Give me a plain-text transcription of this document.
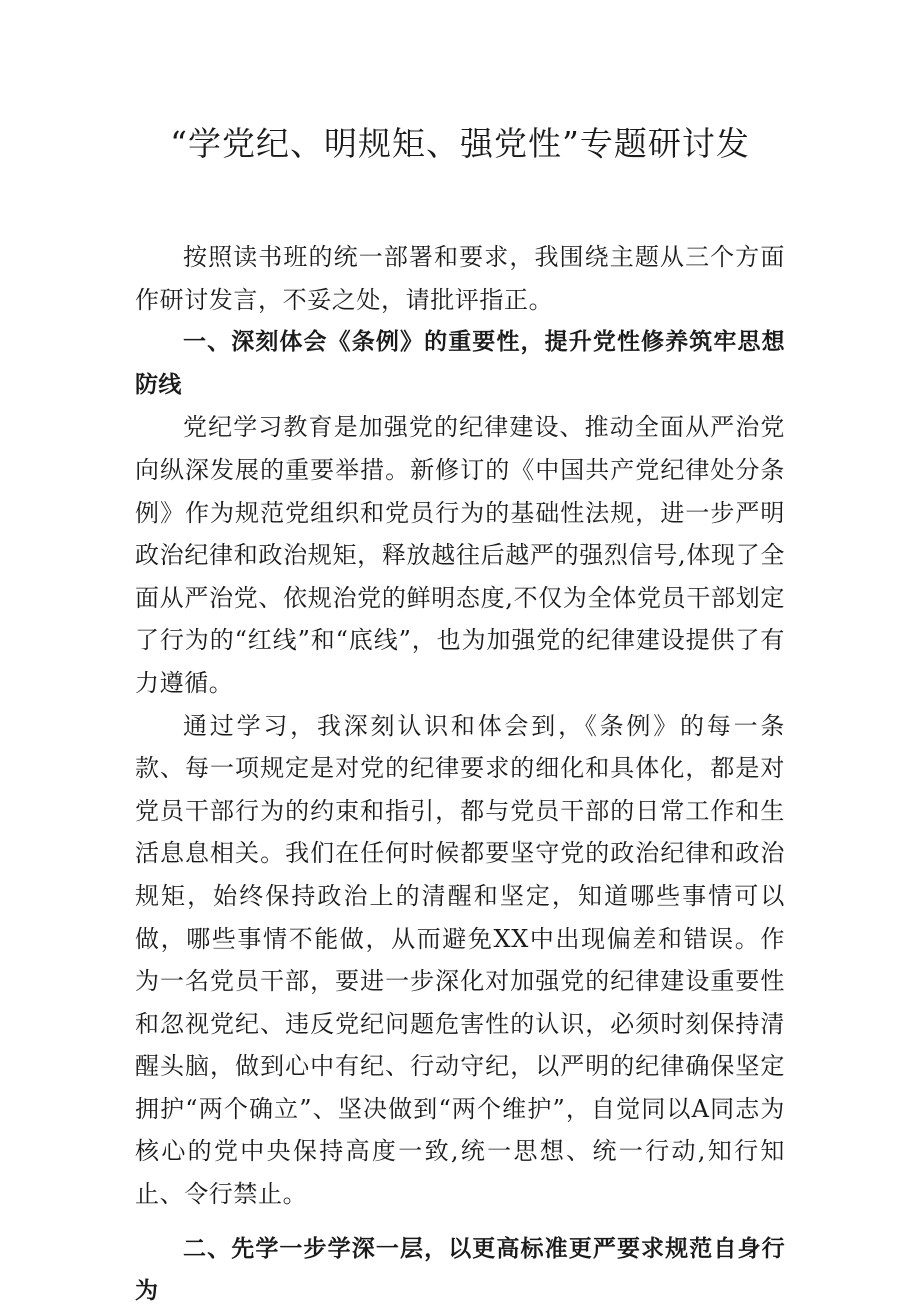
“学党纪、明规矩、强党性”专题研讨发

按照读书班的统一部署和要求，我围绕主题从三个方面作研讨发言，不妥之处，请批评指正。

一、深刻体会《条例》的重要性，提升党性修养筑牢思想防线

党纪学习教育是加强党的纪律建设、推动全面从严治党向纵深发展的重要举措。新修订的《中国共产党纪律处分条例》作为规范党组织和党员行为的基础性法规，进一步严明政治纪律和政治规矩，释放越往后越严的强烈信号,体现了全面从严治党、依规治党的鲜明态度,不仅为全体党员干部划定了行为的“红线”和“底线”，也为加强党的纪律建设提供了有力遵循。

通过学习，我深刻认识和体会到，《条例》的每一条款、每一项规定是对党的纪律要求的细化和具体化，都是对党员干部行为的约束和指引，都与党员干部的日常工作和生活息息相关。我们在任何时候都要坚守党的政治纪律和政治规矩，始终保持政治上的清醒和坚定，知道哪些事情可以做，哪些事情不能做，从而避免XX中出现偏差和错误。作为一名党员干部，要进一步深化对加强党的纪律建设重要性和忽视党纪、违反党纪问题危害性的认识，必须时刻保持清醒头脑，做到心中有纪、行动守纪，以严明的纪律确保坚定拥护“两个确立”、坚决做到“两个维护”，自觉同以A同志为核心的党中央保持高度一致,统一思想、统一行动,知行知止、令行禁止。

二、先学一步学深一层，以更高标准更严要求规范自身行为
